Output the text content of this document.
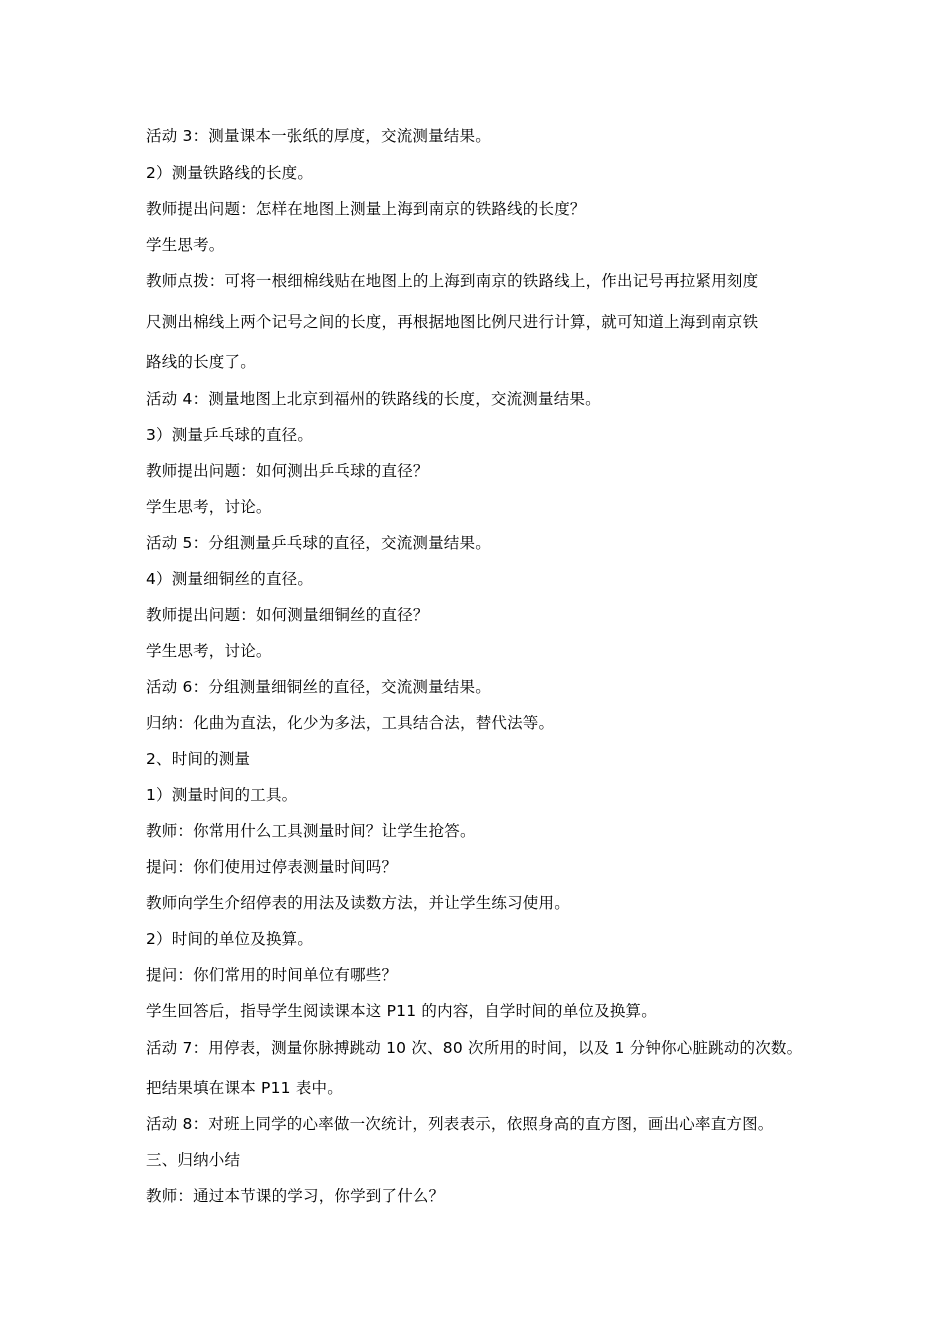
活动 3：测量课本一张纸的厚度，交流测量结果。
2）测量铁路线的长度。
教师提出问题：怎样在地图上测量上海到南京的铁路线的长度？
学生思考。
教师点拨：可将一根细棉线贴在地图上的上海到南京的铁路线上，作出记号再拉紧用刻度
尺测出棉线上两个记号之间的长度，再根据地图比例尺进行计算，就可知道上海到南京铁
路线的长度了。
活动 4：测量地图上北京到福州的铁路线的长度，交流测量结果。
3）测量乒乓球的直径。
教师提出问题：如何测出乒乓球的直径？
学生思考，讨论。
活动 5：分组测量乒乓球的直径，交流测量结果。
4）测量细铜丝的直径。
教师提出问题：如何测量细铜丝的直径？
学生思考，讨论。
活动 6：分组测量细铜丝的直径，交流测量结果。
归纳：化曲为直法，化少为多法，工具结合法，替代法等。
2、时间的测量
1）测量时间的工具。
教师：你常用什么工具测量时间？让学生抢答。
提问：你们使用过停表测量时间吗？
教师向学生介绍停表的用法及读数方法，并让学生练习使用。
2）时间的单位及换算。
提问：你们常用的时间单位有哪些？
学生回答后，指导学生阅读课本这 P11 的内容，自学时间的单位及换算。
活动 7：用停表，测量你脉搏跳动 10 次、80 次所用的时间，以及 1 分钟你心脏跳动的次数。
把结果填在课本 P11 表中。
活动 8：对班上同学的心率做一次统计，列表表示，依照身高的直方图，画出心率直方图。
三、归纳小结
教师：通过本节课的学习，你学到了什么？
